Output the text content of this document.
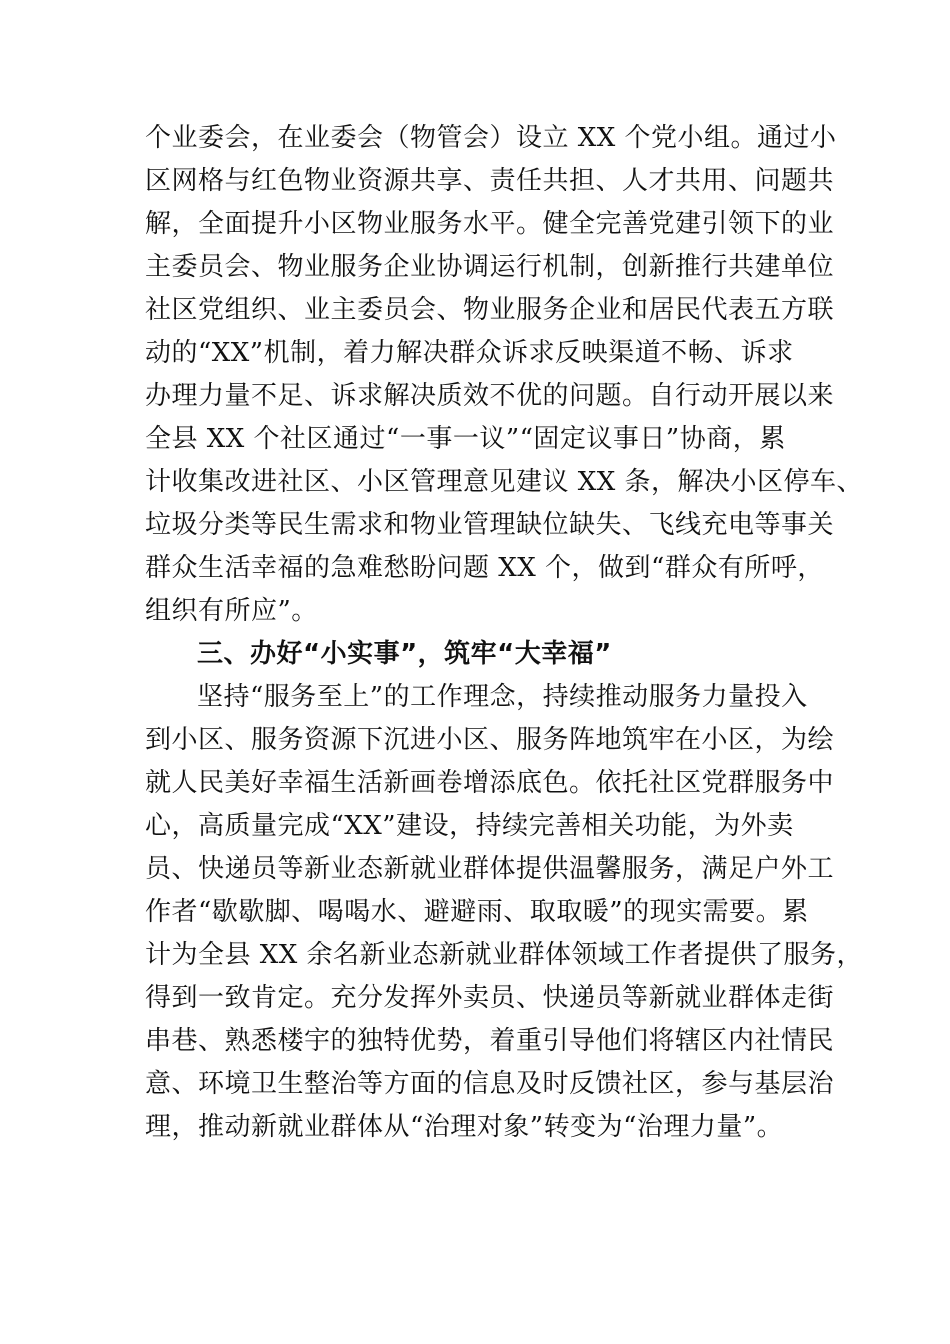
个业委会，在业委会（物管会）设立 XX 个党小组。通过小
区网格与红色物业资源共享、责任共担、人才共用、问题共
解，全面提升小区物业服务水平。健全完善党建引领下的业
主委员会、物业服务企业协调运行机制，创新推行共建单位
社区党组织、业主委员会、物业服务企业和居民代表五方联
动的“XX”机制，着力解决群众诉求反映渠道不畅、诉求
办理力量不足、诉求解决质效不优的问题。自行动开展以来
全县 XX 个社区通过“一事一议”“固定议事日”协商，累
计收集改进社区、小区管理意见建议 XX 条，解决小区停车、
垃圾分类等民生需求和物业管理缺位缺失、飞线充电等事关
群众生活幸福的急难愁盼问题 XX 个，做到“群众有所呼，
组织有所应”。
三、办好“小实事”，筑牢“大幸福”
坚持“服务至上”的工作理念，持续推动服务力量投入
到小区、服务资源下沉进小区、服务阵地筑牢在小区，为绘
就人民美好幸福生活新画卷增添底色。依托社区党群服务中
心，高质量完成“XX”建设，持续完善相关功能，为外卖
员、快递员等新业态新就业群体提供温馨服务，满足户外工
作者“歇歇脚、喝喝水、避避雨、取取暖”的现实需要。累
计为全县 XX 余名新业态新就业群体领域工作者提供了服务，
得到一致肯定。充分发挥外卖员、快递员等新就业群体走街
串巷、熟悉楼宇的独特优势，着重引导他们将辖区内社情民
意、环境卫生整治等方面的信息及时反馈社区，参与基层治
理，推动新就业群体从“治理对象”转变为“治理力量”。
